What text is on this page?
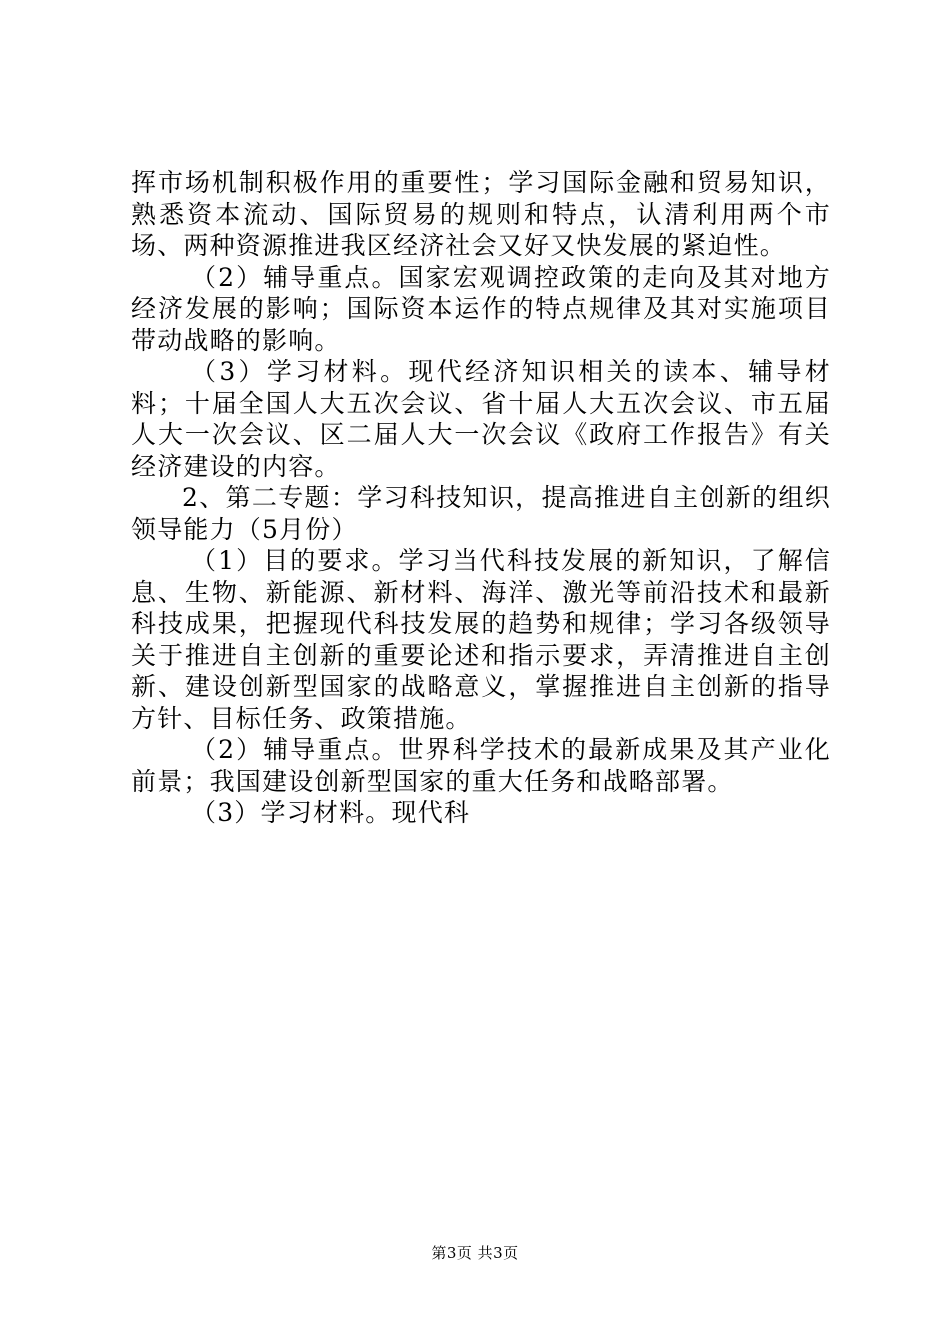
挥市场机制积极作用的重要性；学习国际金融和贸易知识，熟悉资本流动、国际贸易的规则和特点，认清利用两个市场、两种资源推进我区经济社会又好又快发展的紧迫性。

（2）辅导重点。国家宏观调控政策的走向及其对地方经济发展的影响；国际资本运作的特点规律及其对实施项目带动战略的影响。

（3）学习材料。现代经济知识相关的读本、辅导材料；十届全国人大五次会议、省十届人大五次会议、市五届人大一次会议、区二届人大一次会议《政府工作报告》有关经济建设的内容。

2、第二专题：学习科技知识，提高推进自主创新的组织领导能力（5月份）

（1）目的要求。学习当代科技发展的新知识，了解信息、生物、新能源、新材料、海洋、激光等前沿技术和最新科技成果，把握现代科技发展的趋势和规律；学习各级领导关于推进自主创新的重要论述和指示要求，弄清推进自主创新、建设创新型国家的战略意义，掌握推进自主创新的指导方针、目标任务、政策措施。

（2）辅导重点。世界科学技术的最新成果及其产业化前景；我国建设创新型国家的重大任务和战略部署。

（3）学习材料。现代科

第3页 共3页
